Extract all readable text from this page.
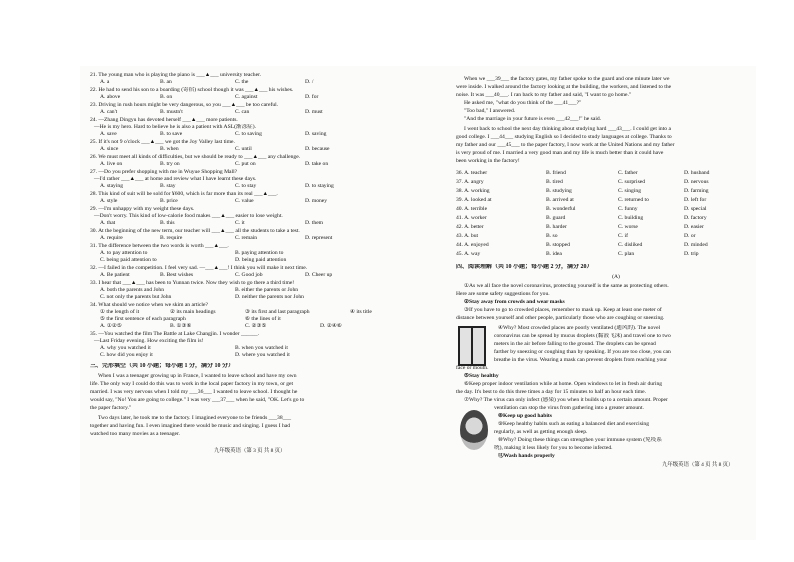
21. The young man who is playing the piano is ___▲___ university teacher.
A. a	B. an	C. the	D. /
22. He had to send his son to a boarding (寄宿) school though it was ___▲___ his wishes.
A. above	B. on	C. against	D. for
23. Driving in rush hours might be very dangerous, so you ___▲___ be too careful.
A. can't	B. mustn't	C. can	D. must
24. —Zhang Dingyu has devoted herself ___▲___ more patients.
—He is my hero. Hard to believe he is also a patient with ASL(渐冻症).
A. save	B. to save	C. to saving	D. saving
25. If it's not 9 o'clock ___▲___ we got the Joy Valley last time.
A. since	B. when	C. until	D. because
26. We must meet all kinds of difficulties, but we should be ready to ___▲___ any challenge.
A. live on	B. try on	C. put on	D. take on
27. —Do you prefer shopping with me in Wuyue Shopping Mall?
—I'd rather ___▲___ at home and review what I have learnt these days.
A. staying	B. stay	C. to stay	D. to staying
28. This kind of suit will be sold for ¥600, which is far more than its real ___▲___.
A. style	B. price	C. value	D. money
29. —I'm unhappy with my weight these days.
—Don't worry. This kind of low-calorie food makes ___▲___ easier to lose weight.
A. that	B. this	C. it	D. them
30. At the beginning of the new term, our teacher will ___▲___ all the students to take a test.
A. require	B. require	C. remain	D. represent
31. The difference between the two words is worth ___▲___.
A. to pay attention to	B. paying attention to
C. being paid attention to	D. being paid attention
32. —I failed in the competition. I feel very sad. —___▲___! I think you will make it next time.
A. Be patient	B. Best wishes	C. Good job	D. Cheer up
33. I hear that ___▲___ has been to Yunnan twice. Now they wish to go there a third time!
A. both the parents and John	B. either the parents or John
C. not only the parents but John	D. neither the parents nor John
34. What should we notice when we skim an article?
① the length of it	② its main headings	③ its first and last paragraph	④ its title
⑤ the first sentence of each paragraph	⑥ the lines of it
A. ①②⑤	B. ①③⑥	C. ②③⑤	D. ②④⑥
35. —You watched the film The Battle at Lake Changjin. I wonder ______.
—Last Friday evening. How exciting the film is!
A. why you watched it	B. when you watched it
C. how did you enjoy it	D. where you watched it
三、完形填空（共 10 小题；每小题 1 分，满分 10 分）
When I was a teenager growing up in France, I wanted to leave school and have my own
life. The only way I could do this was to work in the local paper factory in my town, or get
married. I was very nervous when I told my ___36___ I wanted to leave school. I thought he
would say, "No! You are going to college." I was very ___37___ when he said, "OK. Let's go to
the paper factory."
Two days later, he took me to the factory. I imagined everyone to be friends ___38___
together and having fun. I even imagined there would be music and singing. I guess I had
watched too many movies as a teenager.
九年级英语（第 3 页 共 8 页）
When we ___39___ the factory gates, my father spoke to the guard and one minute later we
were inside. I walked around the factory looking at the building, the workers, and listened to the
noise. It was ___40___. I ran back to my father and said, "I want to go home."
He asked me, "what do you think of the ___41___?"
"Too bad," I answered.
"And the marriage in your future is even ___42___!" he said.
I went back to school the next day thinking about studying hard ___43___. I could get into a
good college. I ___44___ studying English so I decided to study languages at college. Thanks to
my father and our ___45___ to the paper factory, I now work at the United Nations and my father
is very proud of me. I married a very good man and my life is much better than it could have
been working in the factory!
36. A. teacher	B. friend	C. father	D. husband
37. A. angry	B. tired	C. surprised	D. nervous
38. A. working	B. studying	C. singing	D. farming
39. A. looked at	B. arrived at	C. returned to	D. left for
40. A. terrible	B. wonderful	C. funny	D. special
41. A. worker	B. guard	C. building	D. factory
42. A. better	B. harder	C. worse	D. easier
43. A. but	B. so	C. if	D. or
44. A. enjoyed	B. stopped	C. disliked	D. minded
45. A. way	B. idea	C. plan	D. trip
四、阅读理解（共 10 小题；每小题 2 分，满分 20）
(A)
①As we all face the novel coronavirus, protecting yourself is the same as protecting others.
Here are some safety suggestions for you.
②Stay away from crowds and wear masks
③If you have to go to crowded places, remember to mask up. Keep at least one meter of
distance between yourself and other people, particularly those who are coughing or sneezing.
④Why? Most crowded places are poorly ventilated (通风的). The novel
coronavirus can be spread by mucus droplets (黏液飞沫) and travel one to two
meters in the air before falling to the ground. The droplets can be spread
farther by sneezing or coughing than by speaking. If you are too close, you can
breathe in the virus. Wearing a mask can prevent droplets from reaching your
face or mouth.
⑤Stay healthy
⑥Keep proper indoor ventilation while at home. Open windows to let in fresh air during
the day. It's best to do this three times a day for 15 minutes to half an hour each time.
⑦Why? The virus can only infect (感染) you when it builds up to a certain amount. Proper
ventilation can stop the virus from gathering into a greater amount.
⑧Keep up good habits
⑨Keep healthy habits such as eating a balanced diet and exercising
regularly, as well as getting enough sleep.
⑩Why? Doing these things can strengthen your immune system (免疫系
统), making it less likely for you to become infected.
⑪Wash hands properly
九年级英语（第 4 页 共 8 页）
